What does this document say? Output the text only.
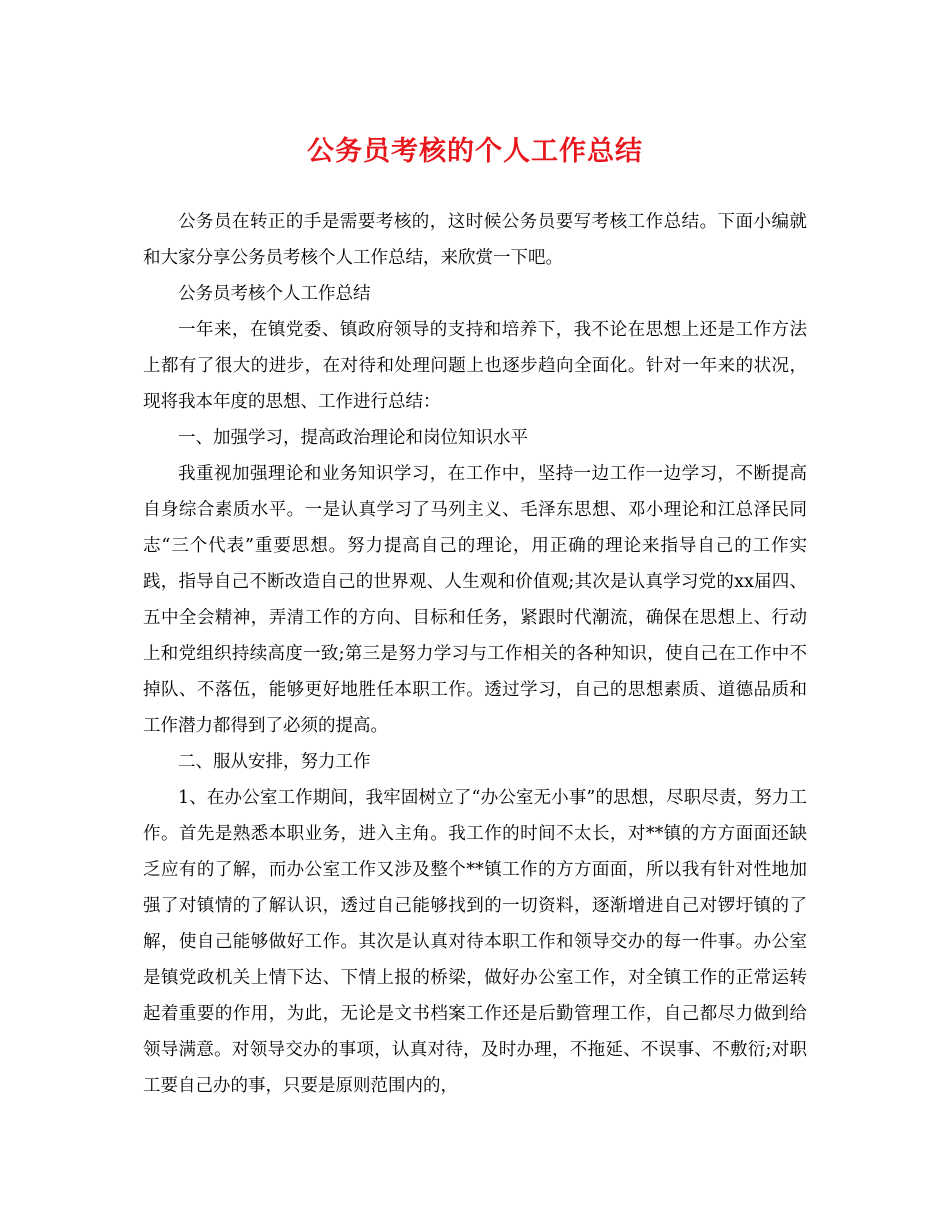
公务员考核的个人工作总结

公务员在转正的手是需要考核的，这时候公务员要写考核工作总结。下面小编就和大家分享公务员考核个人工作总结，来欣赏一下吧。

公务员考核个人工作总结

一年来，在镇党委、镇政府领导的支持和培养下，我不论在思想上还是工作方法上都有了很大的进步，在对待和处理问题上也逐步趋向全面化。针对一年来的状况，现将我本年度的思想、工作进行总结：

一、加强学习，提高政治理论和岗位知识水平

我重视加强理论和业务知识学习，在工作中，坚持一边工作一边学习，不断提高自身综合素质水平。一是认真学习了马列主义、毛泽东思想、邓小理论和江总泽民同志“三个代表”重要思想。努力提高自己的理论，用正确的理论来指导自己的工作实践，指导自己不断改造自己的世界观、人生观和价值观;其次是认真学习党的xx届四、五中全会精神，弄清工作的方向、目标和任务，紧跟时代潮流，确保在思想上、行动上和党组织持续高度一致;第三是努力学习与工作相关的各种知识，使自己在工作中不掉队、不落伍，能够更好地胜任本职工作。透过学习，自己的思想素质、道德品质和工作潜力都得到了必须的提高。

二、服从安排，努力工作

1、在办公室工作期间，我牢固树立了“办公室无小事”的思想，尽职尽责，努力工作。首先是熟悉本职业务，进入主角。我工作的时间不太长，对**镇的方方面面还缺乏应有的了解，而办公室工作又涉及整个**镇工作的方方面面，所以我有针对性地加强了对镇情的了解认识，透过自己能够找到的一切资料，逐渐增进自己对锣圩镇的了解，使自己能够做好工作。其次是认真对待本职工作和领导交办的每一件事。办公室是镇党政机关上情下达、下情上报的桥梁，做好办公室工作，对全镇工作的正常运转起着重要的作用，为此，无论是文书档案工作还是后勤管理工作，自己都尽力做到给领导满意。对领导交办的事项，认真对待，及时办理，不拖延、不误事、不敷衍;对职工要自己办的事，只要是原则范围内的，
